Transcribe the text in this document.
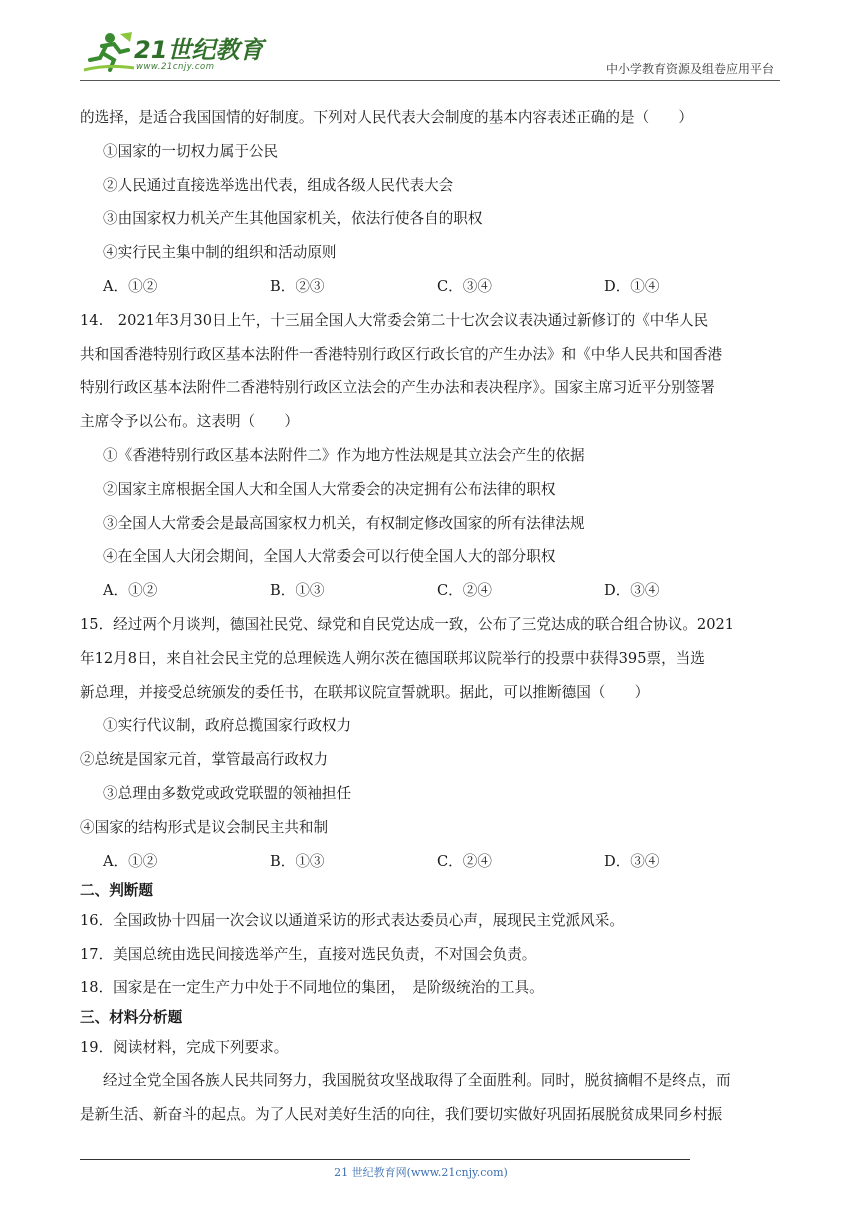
21世纪教育
www.21cnjy.com	中小学教育资源及组卷应用平台
的选择，是适合我国国情的好制度。下列对人民代表大会制度的基本内容表述正确的是（　　）
①国家的一切权力属于公民
②人民通过直接选举选出代表，组成各级人民代表大会
③由国家权力机关产生其他国家机关，依法行使各自的职权
④实行民主集中制的组织和活动原则
A．①②	B．②③	C．③④	D．①④
14.　2021年3月30日上午，十三届全国人大常委会第二十七次会议表决通过新修订的《中华人民
共和国香港特别行政区基本法附件一香港特别行政区行政长官的产生办法》和《中华人民共和国香港
特别行政区基本法附件二香港特别行政区立法会的产生办法和表决程序》。国家主席习近平分别签署
主席令予以公布。这表明（　　）
①《香港特别行政区基本法附件二》作为地方性法规是其立法会产生的依据
②国家主席根据全国人大和全国人大常委会的决定拥有公布法律的职权
③全国人大常委会是最高国家权力机关，有权制定修改国家的所有法律法规
④在全国人大闭会期间，全国人大常委会可以行使全国人大的部分职权
A．①②	B．①③	C．②④	D．③④
15．经过两个月谈判，德国社民党、绿党和自民党达成一致，公布了三党达成的联合组合协议。2021
年12月8日，来自社会民主党的总理候选人朔尔茨在德国联邦议院举行的投票中获得395票，当选
新总理，并接受总统颁发的委任书，在联邦议院宣誓就职。据此，可以推断德国（　　）
①实行代议制，政府总揽国家行政权力
②总统是国家元首，掌管最高行政权力
③总理由多数党或政党联盟的领袖担任
④国家的结构形式是议会制民主共和制
A．①②	B．①③	C．②④	D．③④
二、判断题
16．全国政协十四届一次会议以通道采访的形式表达委员心声，展现民主党派风采。
17．美国总统由选民间接选举产生，直接对选民负责，不对国会负责。
18．国家是在一定生产力中处于不同地位的集团，　是阶级统治的工具。
三、材料分析题
19．阅读材料，完成下列要求。
经过全党全国各族人民共同努力，我国脱贫攻坚战取得了全面胜利。同时，脱贫摘帽不是终点，而
是新生活、新奋斗的起点。为了人民对美好生活的向往，我们要切实做好巩固拓展脱贫成果同乡村振
21 世纪教育网(www.21cnjy.com)
